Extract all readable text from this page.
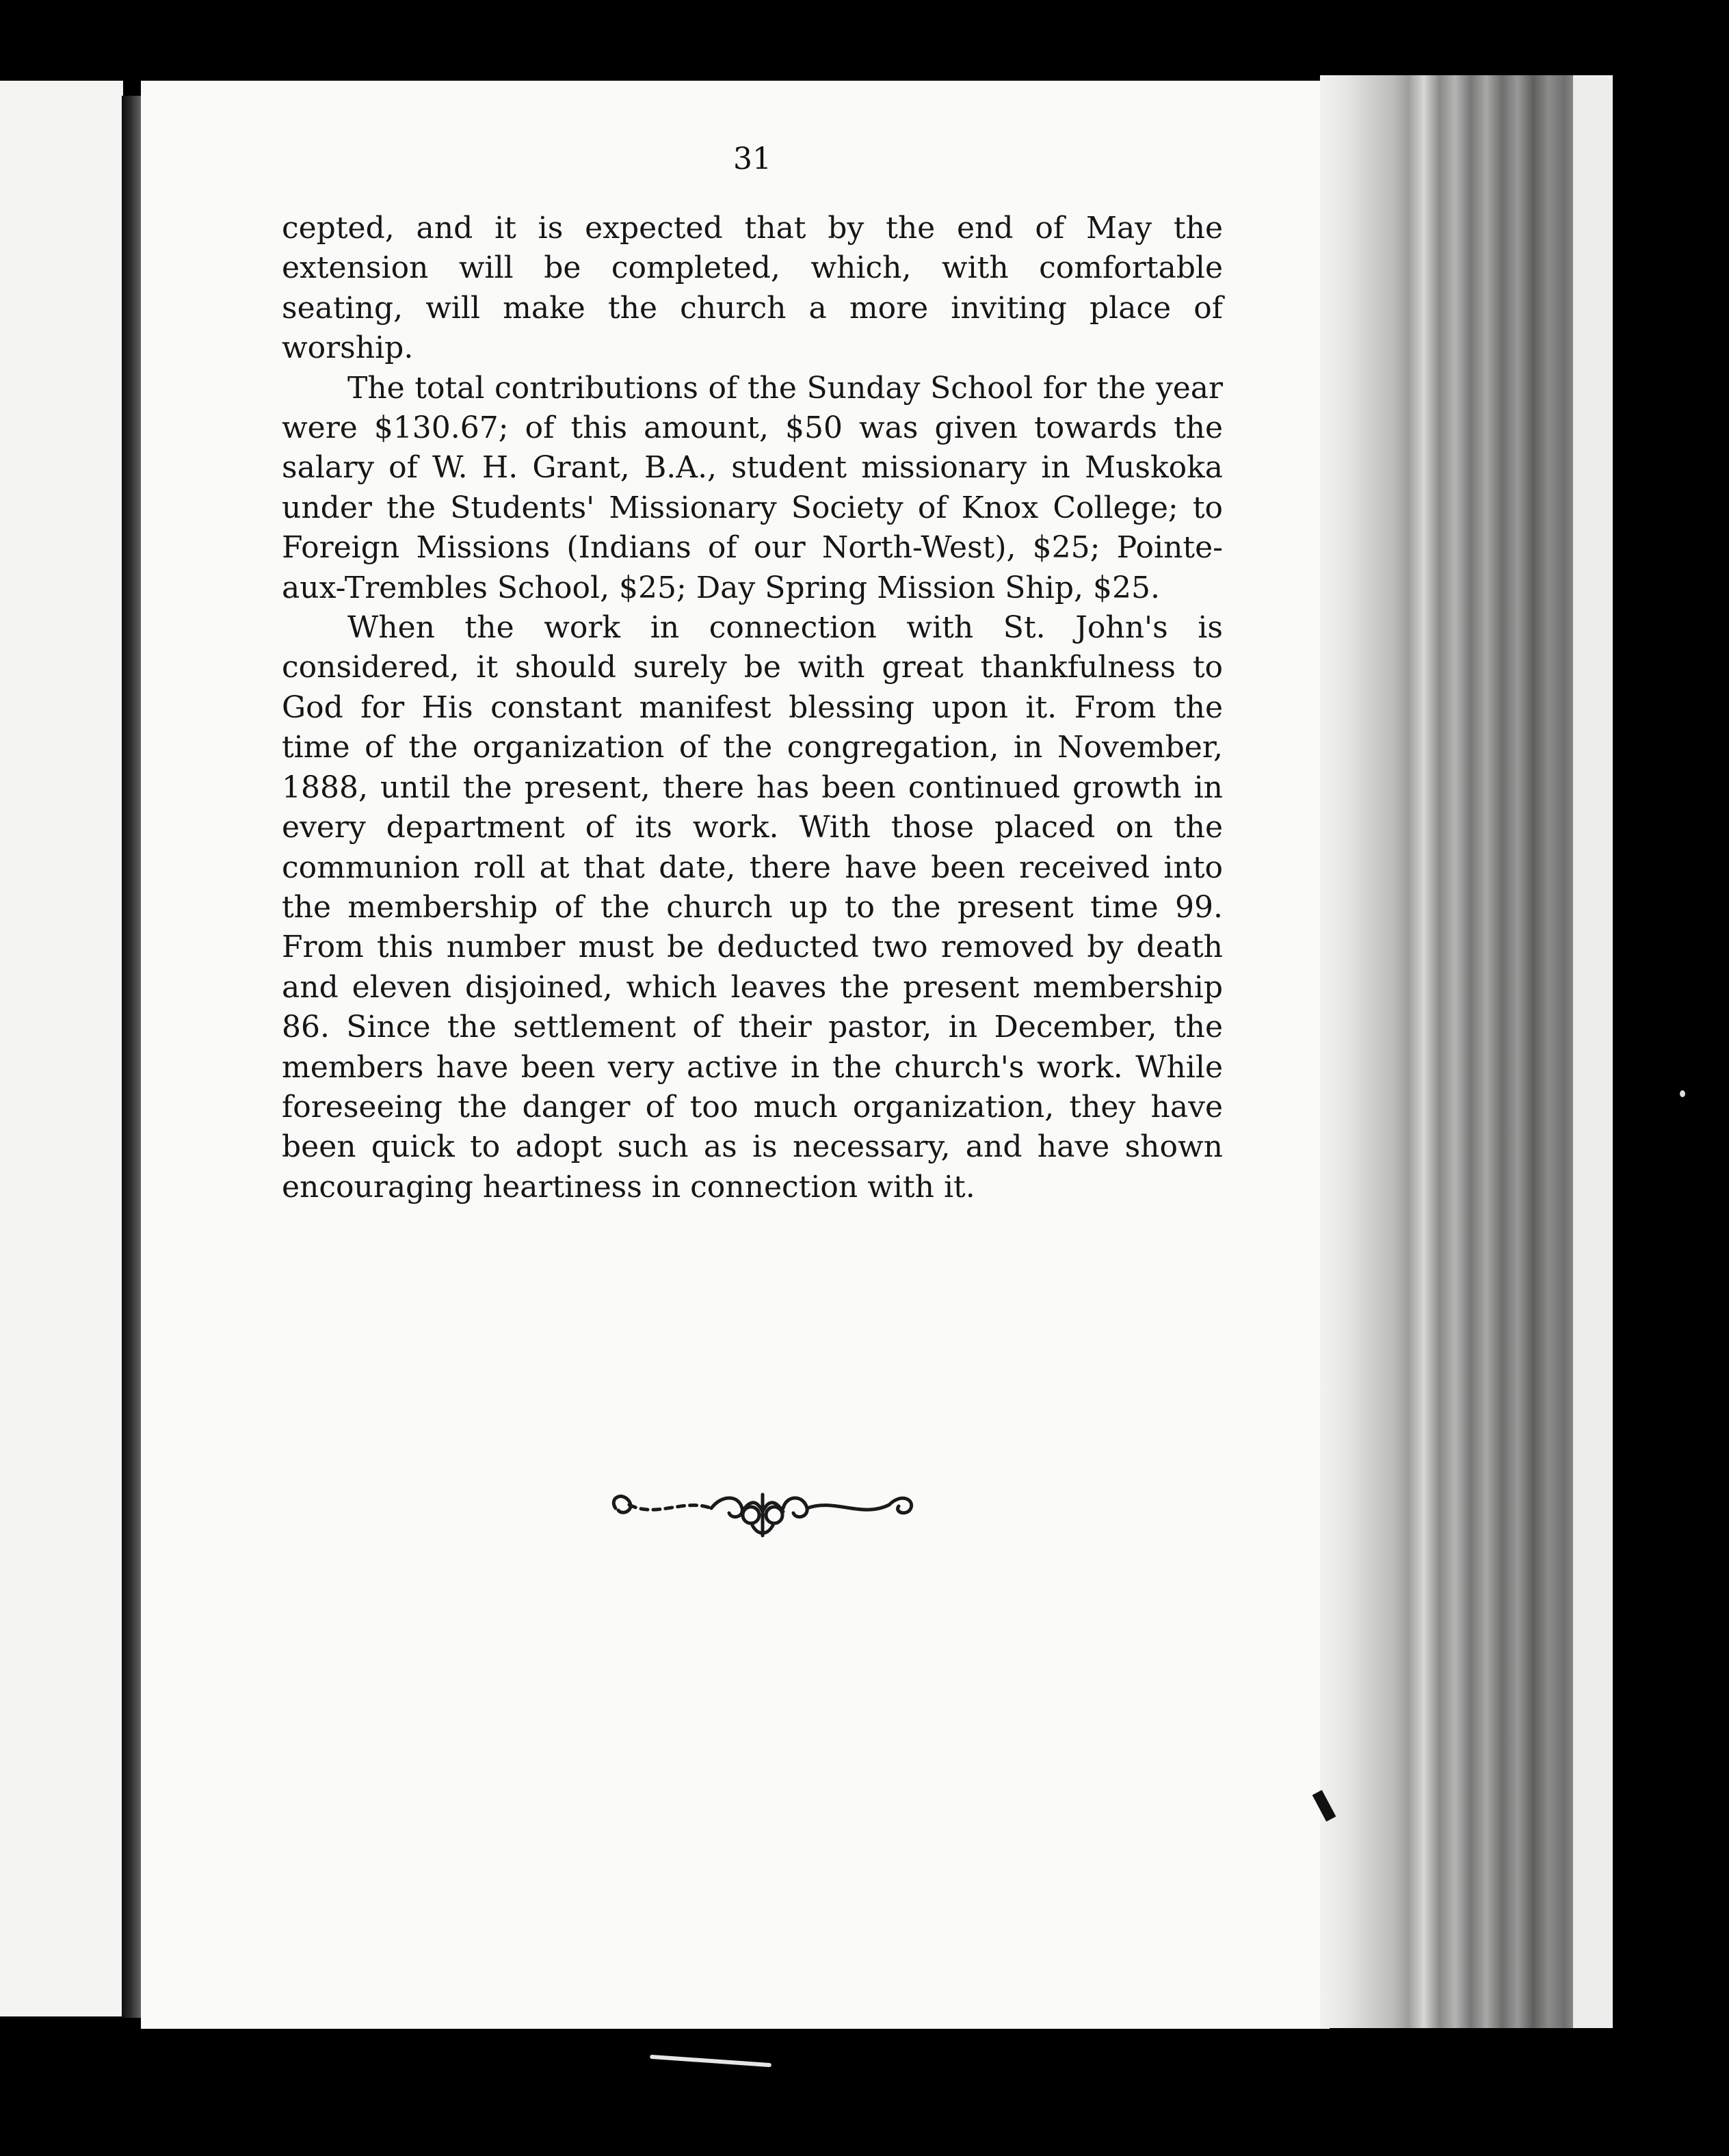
31

cepted, and it is expected that by the end of May the extension will be completed, which, with comfortable seating, will make the church a more inviting place of worship.

The total contributions of the Sunday School for the year were $130.67; of this amount, $50 was given towards the salary of W. H. Grant, B.A., student missionary in Muskoka under the Students' Missionary Society of Knox College; to Foreign Missions (Indians of our North-West), $25; Pointe-aux-Trembles School, $25; Day Spring Mission Ship, $25.

When the work in connection with St. John's is considered, it should surely be with great thankfulness to God for His constant manifest blessing upon it. From the time of the organization of the congregation, in November, 1888, until the present, there has been continued growth in every department of its work. With those placed on the communion roll at that date, there have been received into the membership of the church up to the present time 99. From this number must be deducted two removed by death and eleven disjoined, which leaves the present membership 86. Since the settlement of their pastor, in December, the members have been very active in the church's work. While foreseeing the danger of too much organization, they have been quick to adopt such as is necessary, and have shown encouraging heartiness in connection with it.
